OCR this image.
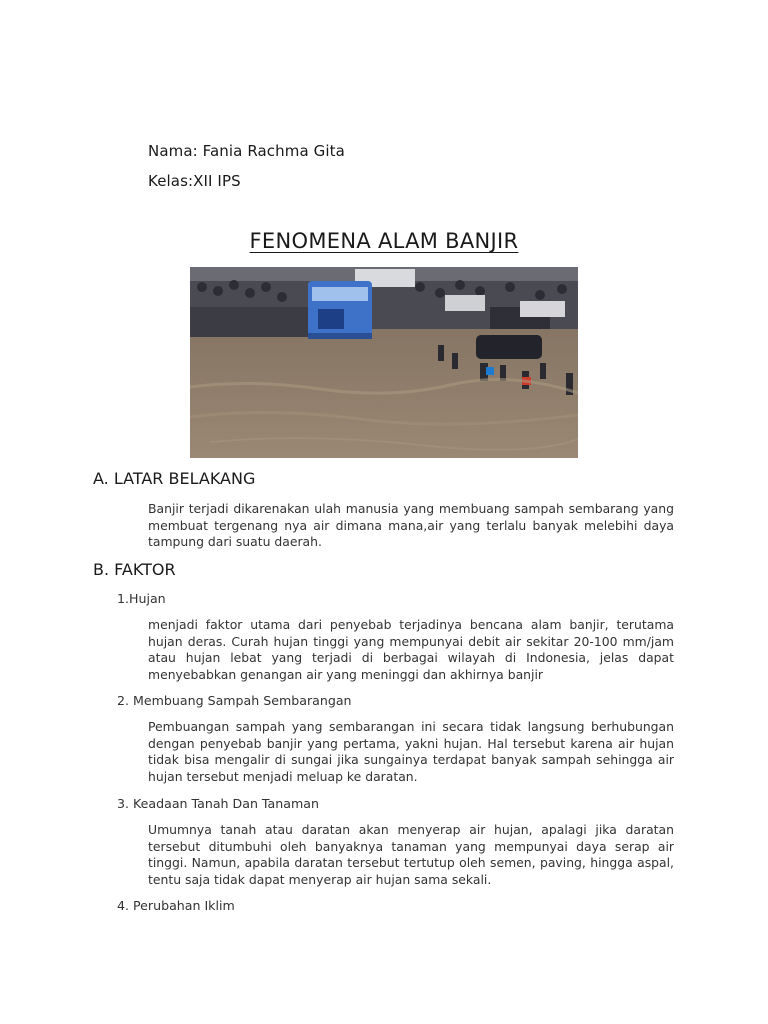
Nama: Fania Rachma Gita
Kelas:XII IPS
FENOMENA ALAM BANJIR
A. LATAR BELAKANG
Banjir terjadi dikarenakan ulah manusia yang membuang sampah sembarang yang membuat tergenang nya air dimana mana,air yang terlalu banyak melebihi daya tampung dari suatu daerah.
B. FAKTOR
1.Hujan
menjadi faktor utama dari penyebab terjadinya bencana alam banjir, terutama hujan deras. Curah hujan tinggi yang mempunyai debit air sekitar 20-100 mm/jam atau hujan lebat yang terjadi di berbagai wilayah di Indonesia, jelas dapat menyebabkan genangan air yang meninggi dan akhirnya banjir
2. Membuang Sampah Sembarangan
Pembuangan sampah yang sembarangan ini secara tidak langsung berhubungan dengan penyebab banjir yang pertama, yakni hujan. Hal tersebut karena air hujan tidak bisa mengalir di sungai jika sungainya terdapat banyak sampah sehingga air hujan tersebut menjadi meluap ke daratan.
3. Keadaan Tanah Dan Tanaman
Umumnya tanah atau daratan akan menyerap air hujan, apalagi jika daratan tersebut ditumbuhi oleh banyaknya tanaman yang mempunyai daya serap air tinggi. Namun, apabila daratan tersebut tertutup oleh semen, paving, hingga aspal, tentu saja tidak dapat menyerap air hujan sama sekali.
4. Perubahan Iklim
